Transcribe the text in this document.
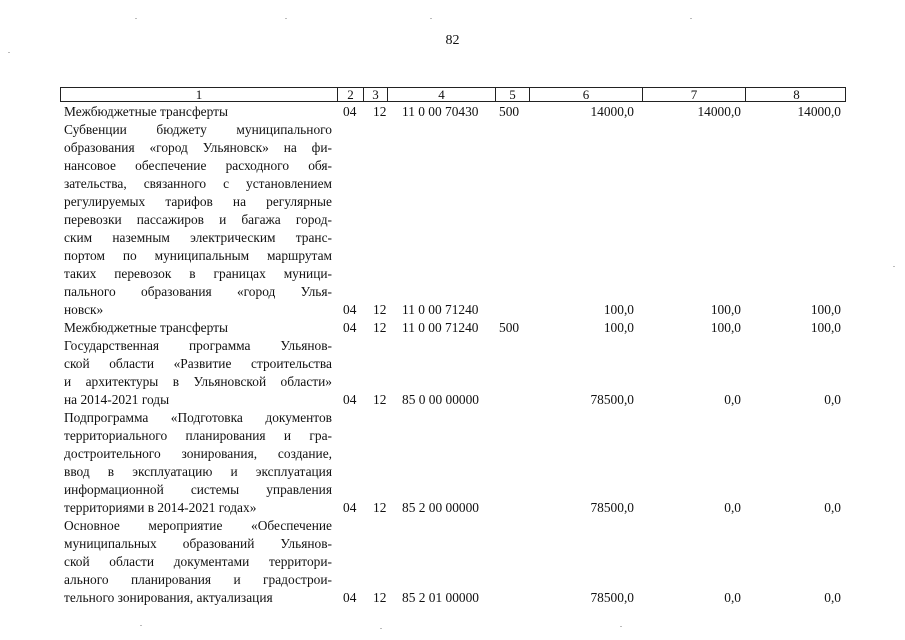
82
1	2	3	4	5	6	7	8
Межбюджетные трансферты	04 12 11 0 00 70430 500	14000,0	14000,0	14000,0
Субвенции бюджету муниципального
образования «город Ульяновск» на фи-
нансовое обеспечение расходного обя-
зательства, связанного с установлением
регулируемых тарифов на регулярные
перевозки пассажиров и багажа город-
ским наземным электрическим транс-
портом по муниципальным маршрутам
таких перевозок в границах муници-
пального образования «город Улья-
новск»	04 12 11 0 00 71240	100,0	100,0	100,0
Межбюджетные трансферты	04 12 11 0 00 71240 500	100,0	100,0	100,0
Государственная программа Ульянов-
ской области «Развитие строительства
и архитектуры в Ульяновской области»
на 2014-2021 годы	04 12 85 0 00 00000	78500,0	0,0	0,0
Подпрограмма «Подготовка документов
территориального планирования и гра-
достроительного зонирования, создание,
ввод в эксплуатацию и эксплуатация
информационной системы управления
территориями в 2014-2021 годах»	04 12 85 2 00 00000	78500,0	0,0	0,0
Основное мероприятие «Обеспечение
муниципальных образований Ульянов-
ской области документами территори-
ального планирования и градострои-
тельного зонирования, актуализация	04 12 85 2 01 00000	78500,0	0,0	0,0
